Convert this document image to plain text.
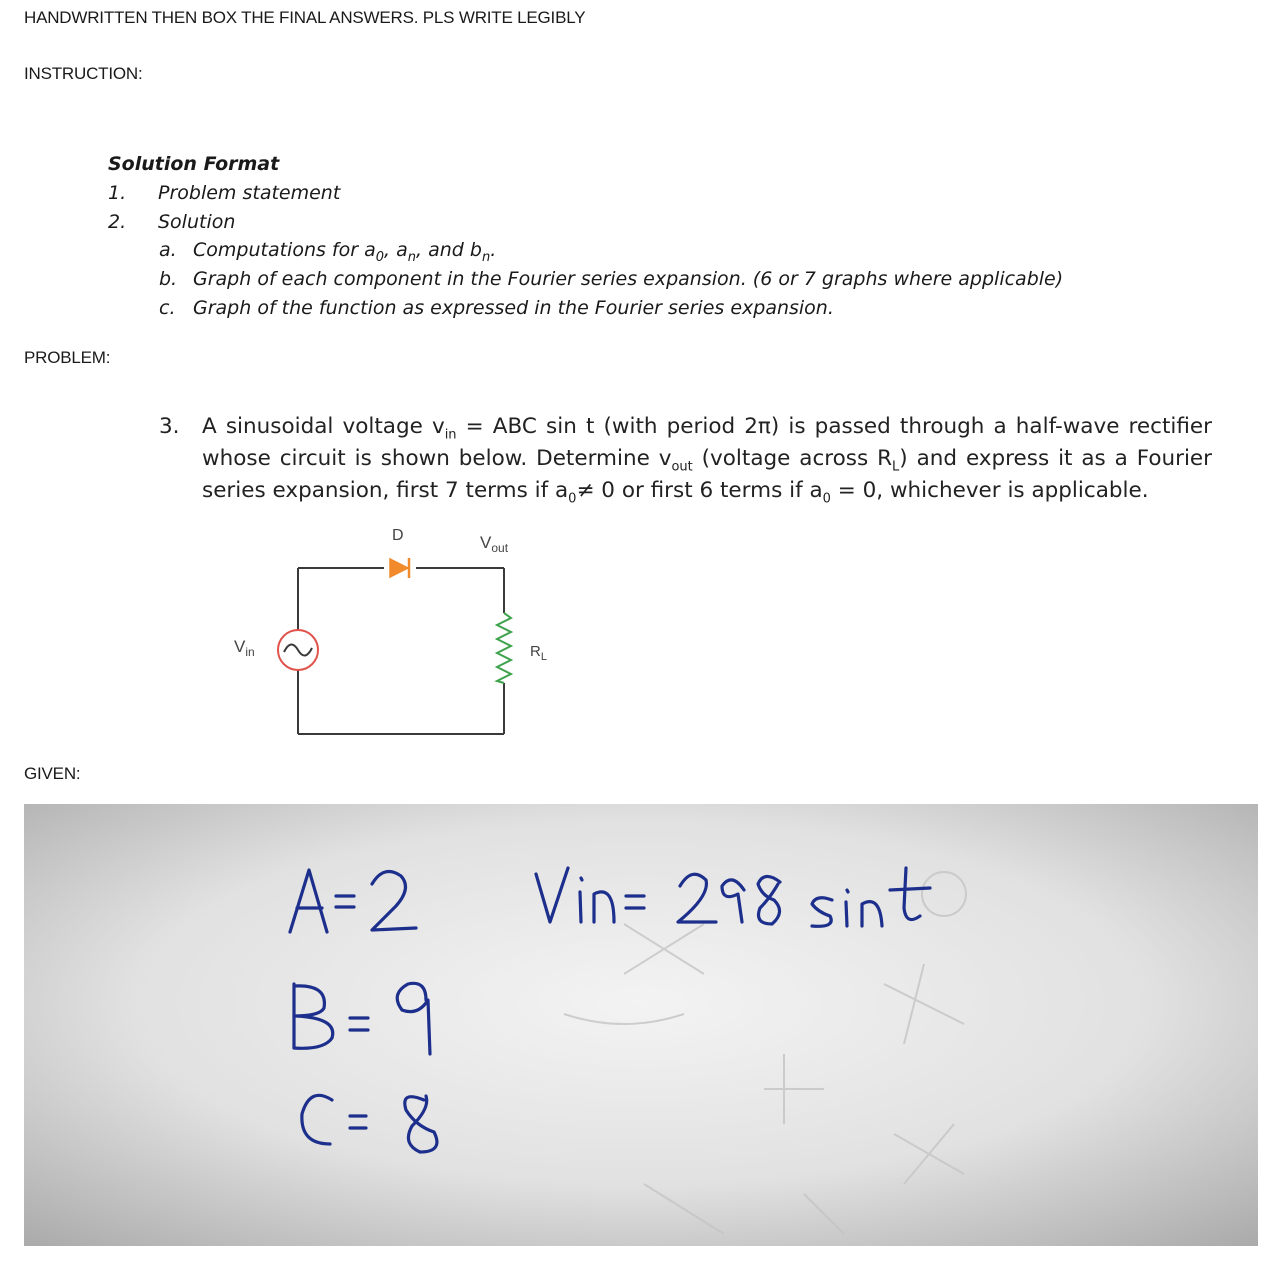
HANDWRITTEN THEN BOX THE FINAL ANSWERS. PLS WRITE LEGIBLY
INSTRUCTION:
Solution Format
1. Problem statement
2. Solution
a. Computations for $a_0$, $a_n$, and $b_n$.
b. Graph of each component in the Fourier series expansion. (6 or 7 graphs where applicable)
c. Graph of the function as expressed in the Fourier series expansion.
PROBLEM:
3. A sinusoidal voltage $v_{in}$ = ABC sin t (with period 2π) is passed through a half-wave rectifier
whose circuit is shown below. Determine $v_{out}$ (voltage across $R_L$) and express it as a Fourier
series expansion, first 7 terms if $a_0\ne 0$ or first 6 terms if $a_0 = 0$, whichever is applicable.
D	$V_{out}$
$V_{in}$	$R_L$
GIVEN:
